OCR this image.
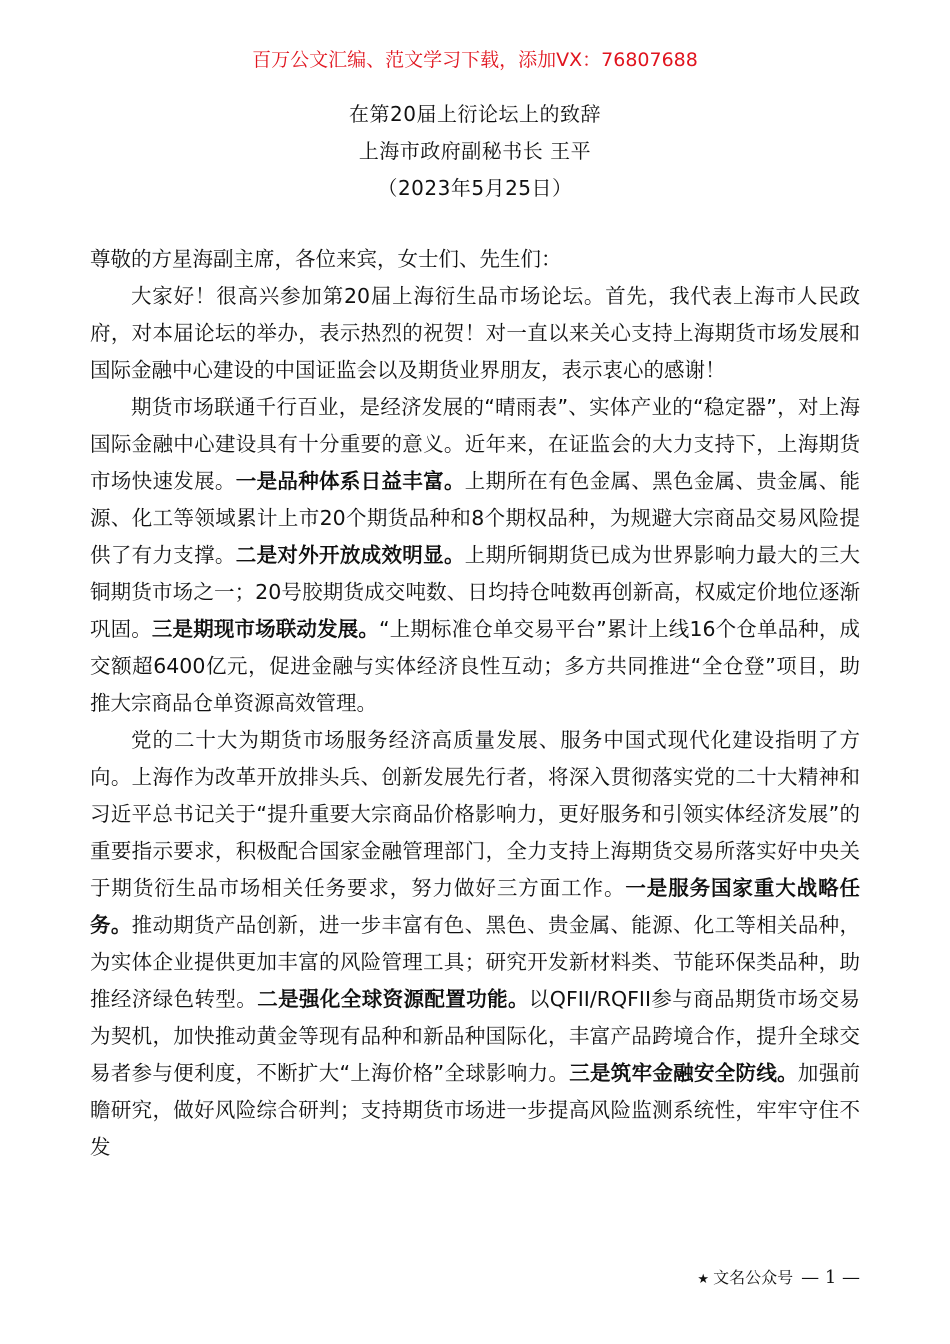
百万公文汇编、范文学习下载，添加VX：76807688
在第20届上衍论坛上的致辞
上海市政府副秘书长 王平
（2023年5月25日）

尊敬的方星海副主席，各位来宾，女士们、先生们：

大家好！很高兴参加第20届上海衍生品市场论坛。首先，我代表上海市人民政府，对本届论坛的举办，表示热烈的祝贺！对一直以来关心支持上海期货市场发展和国际金融中心建设的中国证监会以及期货业界朋友，表示衷心的感谢！

期货市场联通千行百业，是经济发展的“晴雨表”、实体产业的“稳定器”，对上海国际金融中心建设具有十分重要的意义。近年来，在证监会的大力支持下，上海期货市场快速发展。一是品种体系日益丰富。上期所在有色金属、黑色金属、贵金属、能源、化工等领域累计上市20个期货品种和8个期权品种，为规避大宗商品交易风险提供了有力支撑。二是对外开放成效明显。上期所铜期货已成为世界影响力最大的三大铜期货市场之一；20号胶期货成交吨数、日均持仓吨数再创新高，权威定价地位逐渐巩固。三是期现市场联动发展。“上期标准仓单交易平台”累计上线16个仓单品种，成交额超6400亿元，促进金融与实体经济良性互动；多方共同推进“全仓登”项目，助推大宗商品仓单资源高效管理。

党的二十大为期货市场服务经济高质量发展、服务中国式现代化建设指明了方向。上海作为改革开放排头兵、创新发展先行者，将深入贯彻落实党的二十大精神和习近平总书记关于“提升重要大宗商品价格影响力，更好服务和引领实体经济发展”的重要指示要求，积极配合国家金融管理部门，全力支持上海期货交易所落实好中央关于期货衍生品市场相关任务要求，努力做好三方面工作。一是服务国家重大战略任务。推动期货产品创新，进一步丰富有色、黑色、贵金属、能源、化工等相关品种，为实体企业提供更加丰富的风险管理工具；研究开发新材料类、节能环保类品种，助推经济绿色转型。二是强化全球资源配置功能。以QFII/RQFII参与商品期货市场交易为契机，加快推动黄金等现有品种和新品种国际化，丰富产品跨境合作，提升全球交易者参与便利度，不断扩大“上海价格”全球影响力。三是筑牢金融安全防线。加强前瞻研究，做好风险综合研判；支持期货市场进一步提高风险监测系统性，牢牢守住不发

★ 文名公众号 — 1 —
